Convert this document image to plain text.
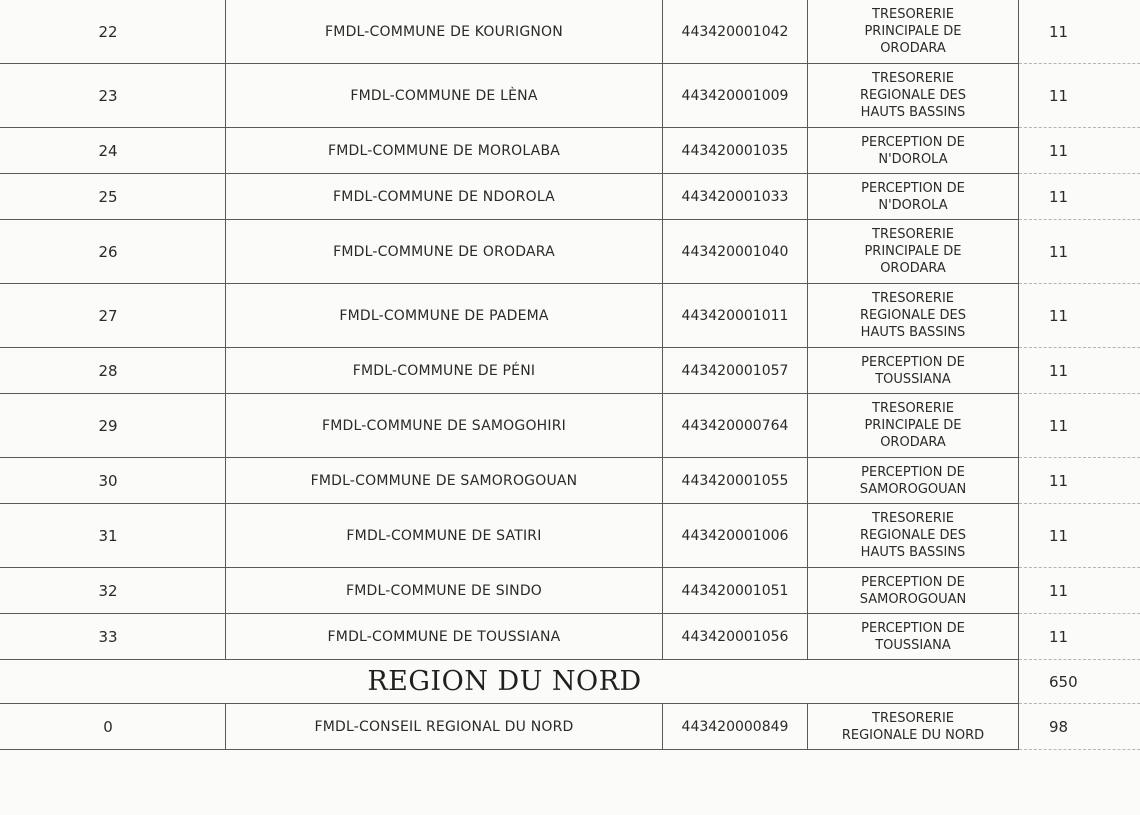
22	FMDL-COMMUNE DE KOURIGNON	443420001042	TRESORERIE
PRINCIPALE DE
ORODARA	11

23	FMDL-COMMUNE DE LÈNA	443420001009	TRESORERIE
REGIONALE DES
HAUTS BASSINS	11

24	FMDL-COMMUNE DE MOROLABA	443420001035	PERCEPTION DE
N'DOROLA	11

25	FMDL-COMMUNE DE NDOROLA	443420001033	PERCEPTION DE
N'DOROLA	11

26	FMDL-COMMUNE DE ORODARA	443420001040	TRESORERIE
PRINCIPALE DE
ORODARA	11

27	FMDL-COMMUNE DE PADEMA	443420001011	TRESORERIE
REGIONALE DES
HAUTS BASSINS	11

28	FMDL-COMMUNE DE PÉNI	443420001057	PERCEPTION DE
TOUSSIANA	11

29	FMDL-COMMUNE DE SAMOGOHIRI	443420000764	TRESORERIE
PRINCIPALE DE
ORODARA	11

30	FMDL-COMMUNE DE SAMOROGOUAN	443420001055	PERCEPTION DE
SAMOROGOUAN	11

31	FMDL-COMMUNE DE SATIRI	443420001006	TRESORERIE
REGIONALE DES
HAUTS BASSINS	11

32	FMDL-COMMUNE DE SINDO	443420001051	PERCEPTION DE
SAMOROGOUAN	11

33	FMDL-COMMUNE DE TOUSSIANA	443420001056	PERCEPTION DE
TOUSSIANA	11

REGION DU NORD				650

0	FMDL-CONSEIL REGIONAL DU NORD	443420000849	TRESORERIE
REGIONALE DU NORD	98
